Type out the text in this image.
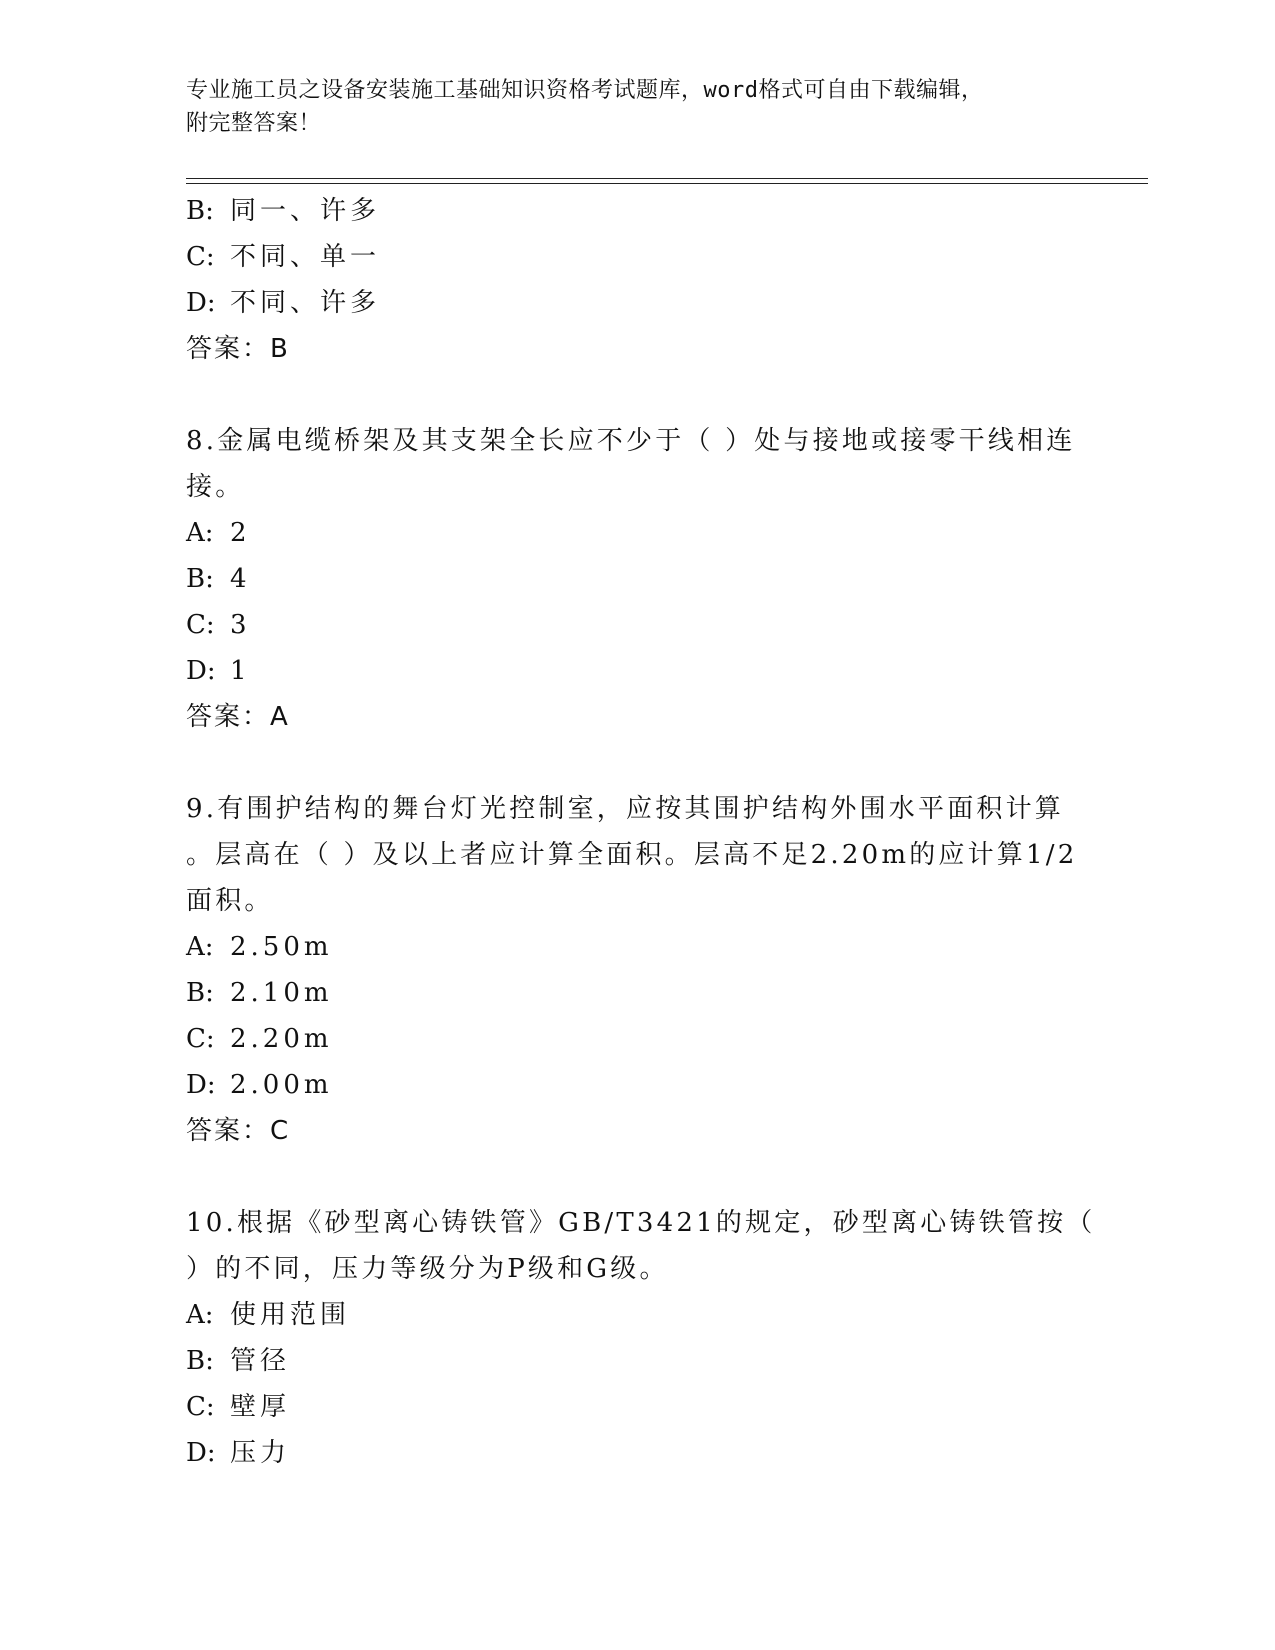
专业施工员之设备安装施工基础知识资格考试题库，word格式可自由下载编辑，
附完整答案！
B: 同一、许多
C: 不同、单一
D: 不同、许多
答案：B
8.金属电缆桥架及其支架全长应不少于（ ）处与接地或接零干线相连
接。
A: 2
B: 4
C: 3
D: 1
答案：A
9.有围护结构的舞台灯光控制室，应按其围护结构外围水平面积计算
。层高在（ ）及以上者应计算全面积。层高不足2.20m的应计算1/2
面积。
A: 2.50m
B: 2.10m
C: 2.20m
D: 2.00m
答案：C
10.根据《砂型离心铸铁管》GB/T3421的规定，砂型离心铸铁管按（
）的不同，压力等级分为P级和G级。
A: 使用范围
B: 管径
C: 壁厚
D: 压力
